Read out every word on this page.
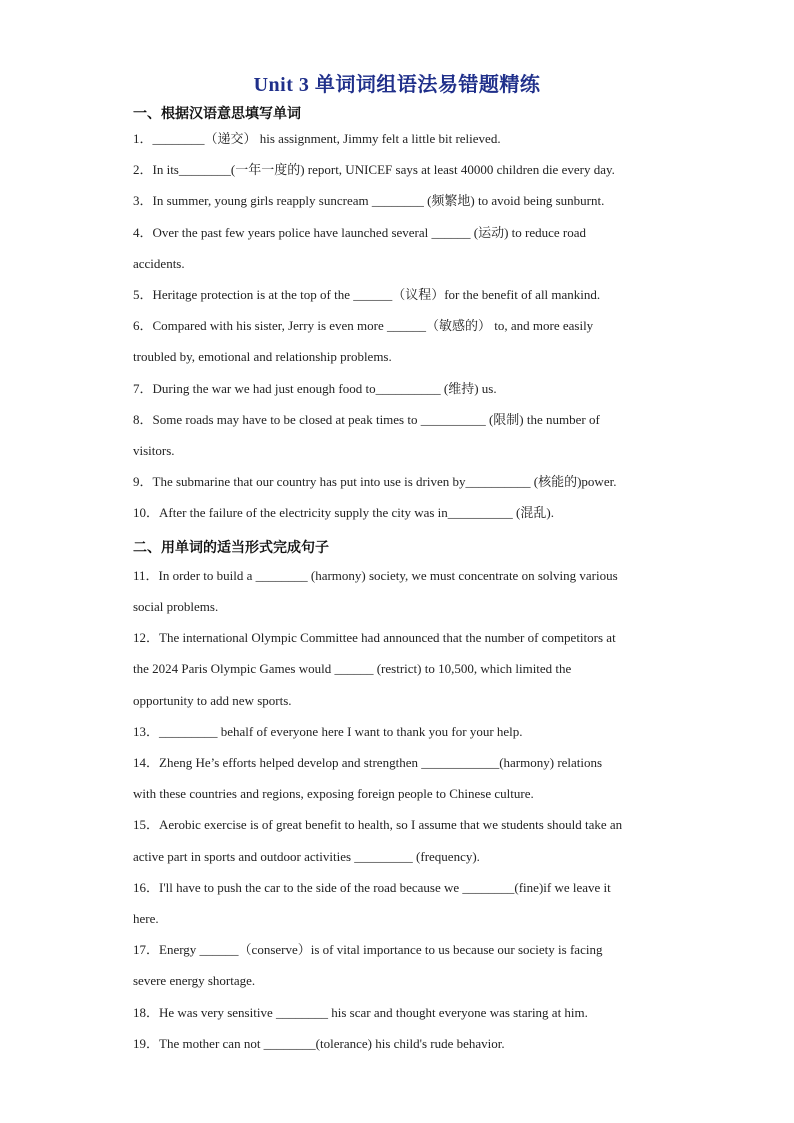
Unit 3 单词词组语法易错题精练
一、根据汉语意思填写单词
1．________（递交） his assignment, Jimmy felt a little bit relieved.
2．In its________(一年一度的) report, UNICEF says at least 40000 children die every day.
3．In summer, young girls reapply suncream ________ (频繁地) to avoid being sunburnt.
4．Over the past few years police have launched several ______ (运动) to reduce road
accidents.
5．Heritage protection is at the top of the ______（议程）for the benefit of all mankind.
6．Compared with his sister, Jerry is even more ______（敏感的） to, and more easily
troubled by, emotional and relationship problems.
7．During the war we had just enough food to__________ (维持) us.
8．Some roads may have to be closed at peak times to __________ (限制) the number of
visitors.
9．The submarine that our country has put into use is driven by__________ (核能的)power.
10．After the failure of the electricity supply the city was in__________ (混乱).
二、用单词的适当形式完成句子
11．In order to build a ________ (harmony) society, we must concentrate on solving various
social problems.
12．The international Olympic Committee had announced that the number of competitors at
the 2024 Paris Olympic Games would ______ (restrict) to 10,500, which limited the
opportunity to add new sports.
13．_________ behalf of everyone here I want to thank you for your help.
14．Zheng He’s efforts helped develop and strengthen ____________(harmony) relations
with these countries and regions, exposing foreign people to Chinese culture.
15．Aerobic exercise is of great benefit to health, so I assume that we students should take an
active part in sports and outdoor activities _________ (frequency).
16．I'll have to push the car to the side of the road because we ________(fine)if we leave it
here.
17．Energy ______（conserve）is of vital importance to us because our society is facing
severe energy shortage.
18．He was very sensitive ________ his scar and thought everyone was staring at him.
19．The mother can not ________(tolerance) his child's rude behavior.
